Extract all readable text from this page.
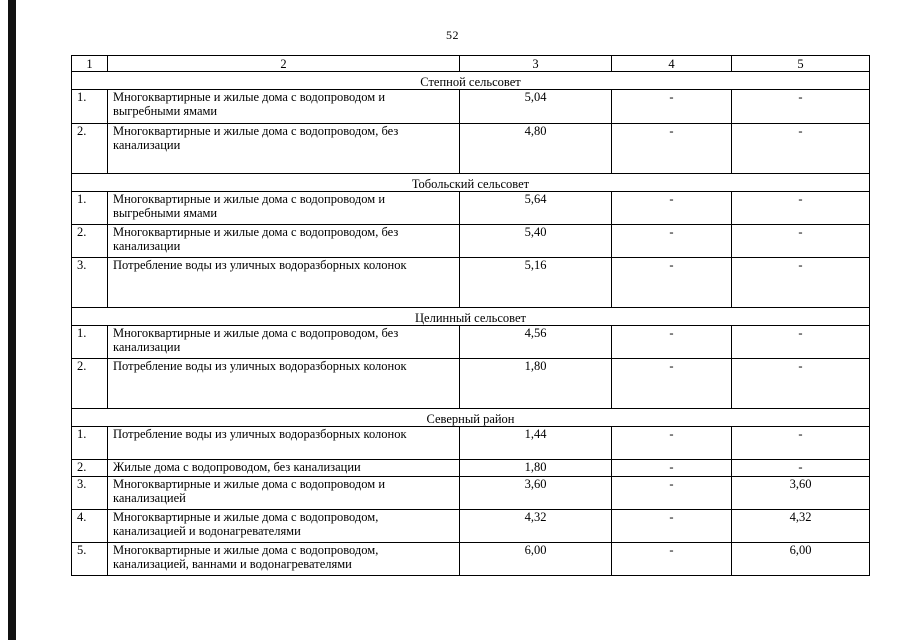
52
1	2	3	4	5
Степной сельсовет				
1.	Многоквартирные и жилые дома с водопроводом и выгребными ямами	5,04	-	-
2.	Многоквартирные и жилые дома с водопроводом, без канализации	4,80	-	-
Тобольский сельсовет				
1.	Многоквартирные и жилые дома с водопроводом и выгребными ямами	5,64	-	-
2.	Многоквартирные и жилые дома с водопроводом, без канализации	5,40	-	-
3.	Потребление воды из уличных водоразборных колонок	5,16	-	-
Целинный сельсовет				
1.	Многоквартирные и жилые дома с водопроводом, без канализации	4,56	-	-
2.	Потребление воды из уличных водоразборных колонок	1,80	-	-
Северный район				
1.	Потребление воды из уличных водоразборных колонок	1,44	-	-
2.	Жилые дома с водопроводом, без канализации	1,80	-	-
3.	Многоквартирные и жилые дома с водопроводом и канализацией	3,60	-	3,60
4.	Многоквартирные и жилые дома с водопроводом, канализацией и водонагревателями	4,32	-	4,32
5.	Многоквартирные и жилые дома с водопроводом, канализацией, ваннами и водонагревателями	6,00	-	6,00
